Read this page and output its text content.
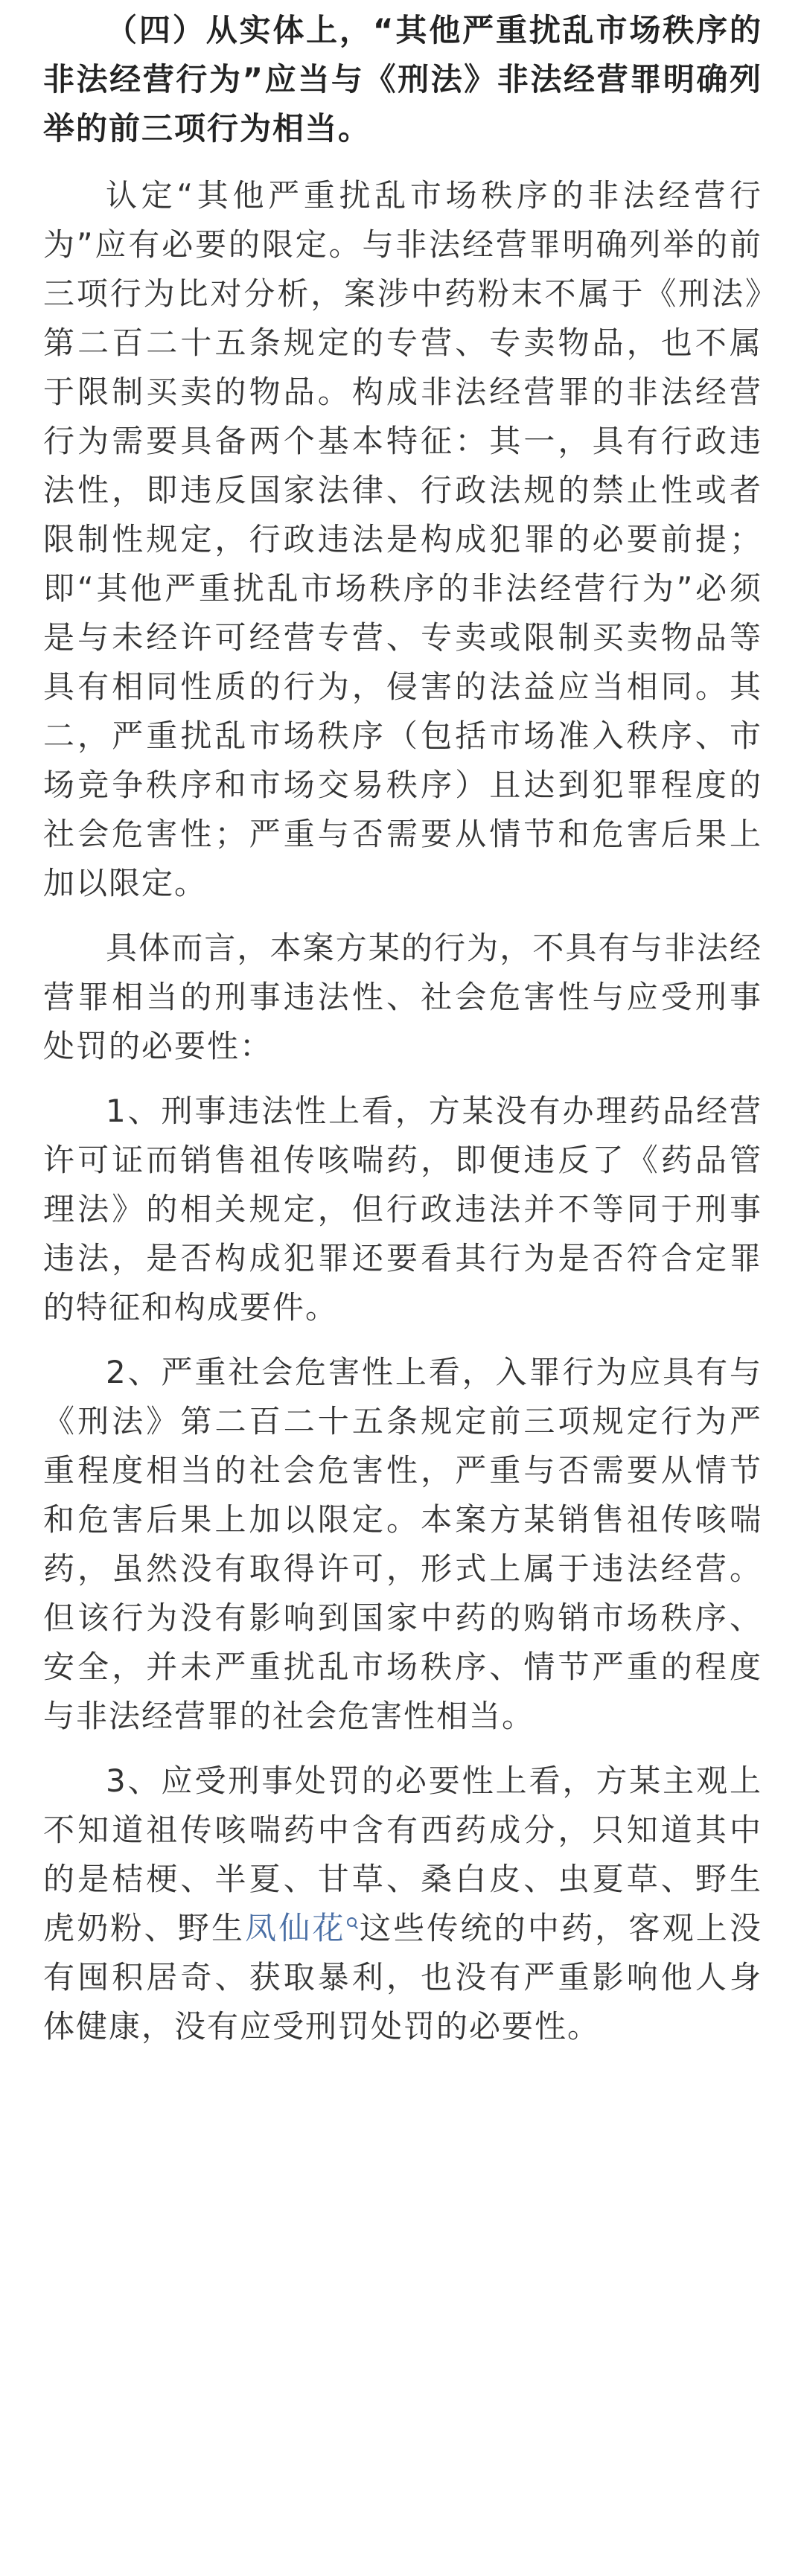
（四）从实体上，“其他严重扰乱市场秩序的非法经营行为”应当与《刑法》非法经营罪明确列举的前三项行为相当。

认定“其他严重扰乱市场秩序的非法经营行为”应有必要的限定。与非法经营罪明确列举的前三项行为比对分析，案涉中药粉末不属于《刑法》第二百二十五条规定的专营、专卖物品，也不属于限制买卖的物品。构成非法经营罪的非法经营行为需要具备两个基本特征：其一，具有行政违法性，即违反国家法律、行政法规的禁止性或者限制性规定，行政违法是构成犯罪的必要前提；即“其他严重扰乱市场秩序的非法经营行为”必须是与未经许可经营专营、专卖或限制买卖物品等具有相同性质的行为，侵害的法益应当相同。其二，严重扰乱市场秩序（包括市场准入秩序、市场竞争秩序和市场交易秩序）且达到犯罪程度的社会危害性；严重与否需要从情节和危害后果上加以限定。

具体而言，本案方某的行为，不具有与非法经营罪相当的刑事违法性、社会危害性与应受刑事处罚的必要性：

1、刑事违法性上看，方某没有办理药品经营许可证而销售祖传咳喘药，即便违反了《药品管理法》的相关规定，但行政违法并不等同于刑事违法，是否构成犯罪还要看其行为是否符合定罪的特征和构成要件。

2、严重社会危害性上看，入罪行为应具有与《刑法》第二百二十五条规定前三项规定行为严重程度相当的社会危害性，严重与否需要从情节和危害后果上加以限定。本案方某销售祖传咳喘药，虽然没有取得许可，形式上属于违法经营。但该行为没有影响到国家中药的购销市场秩序、安全，并未严重扰乱市场秩序、情节严重的程度与非法经营罪的社会危害性相当。

3、应受刑事处罚的必要性上看，方某主观上不知道祖传咳喘药中含有西药成分，只知道其中的是桔梗、半夏、甘草、桑白皮、虫夏草、野生虎奶粉、野生凤仙花 这些传统的中药，客观上没有囤积居奇、获取暴利，也没有严重影响他人身体健康，没有应受刑罚处罚的必要性。
